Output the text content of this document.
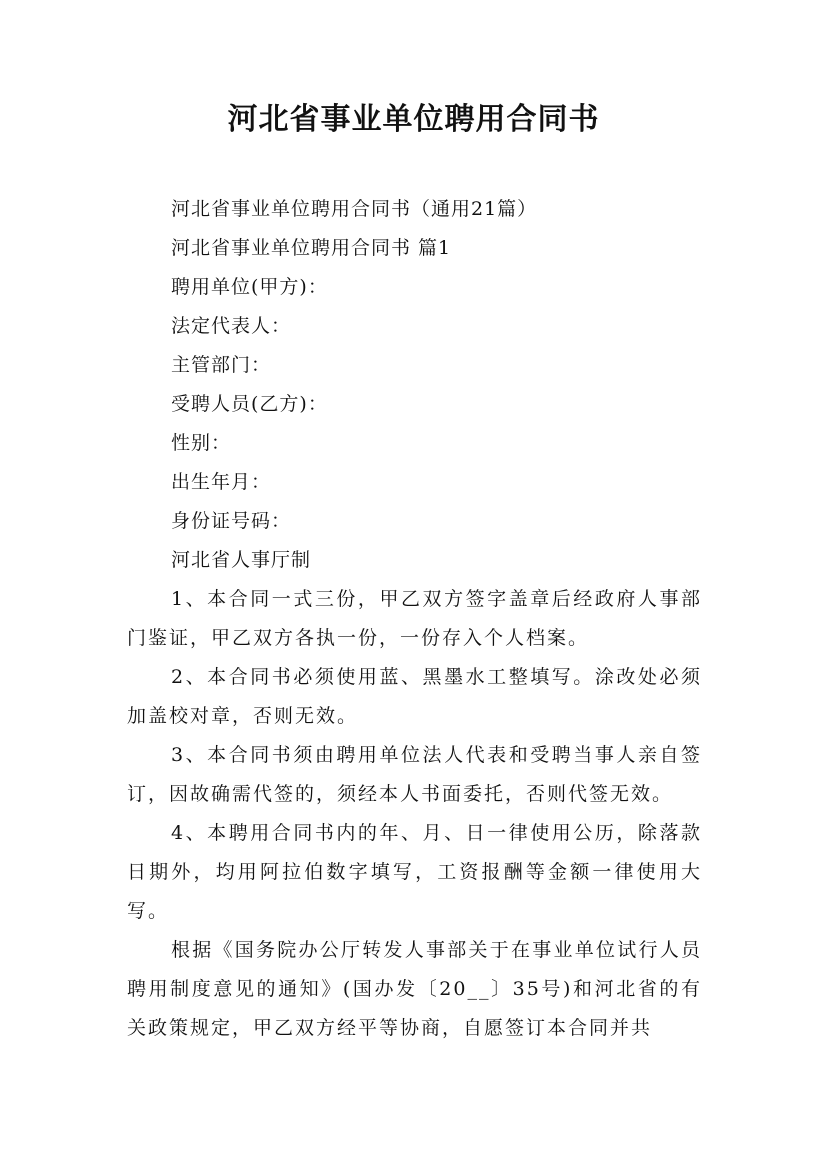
河北省事业单位聘用合同书
河北省事业单位聘用合同书（通用21篇）
河北省事业单位聘用合同书 篇1
聘用单位(甲方)：
法定代表人：
主管部门：
受聘人员(乙方)：
性别：
出生年月：
身份证号码：
河北省人事厅制
1、本合同一式三份，甲乙双方签字盖章后经政府人事部门鉴证，甲乙双方各执一份，一份存入个人档案。
2、本合同书必须使用蓝、黑墨水工整填写。涂改处必须加盖校对章，否则无效。
3、本合同书须由聘用单位法人代表和受聘当事人亲自签订，因故确需代签的，须经本人书面委托，否则代签无效。
4、本聘用合同书内的年、月、日一律使用公历，除落款日期外，均用阿拉伯数字填写，工资报酬等金额一律使用大写。
根据《国务院办公厅转发人事部关于在事业单位试行人员聘用制度意见的通知》(国办发〔20__〕35号)和河北省的有关政策规定，甲乙双方经平等协商，自愿签订本合同并共
